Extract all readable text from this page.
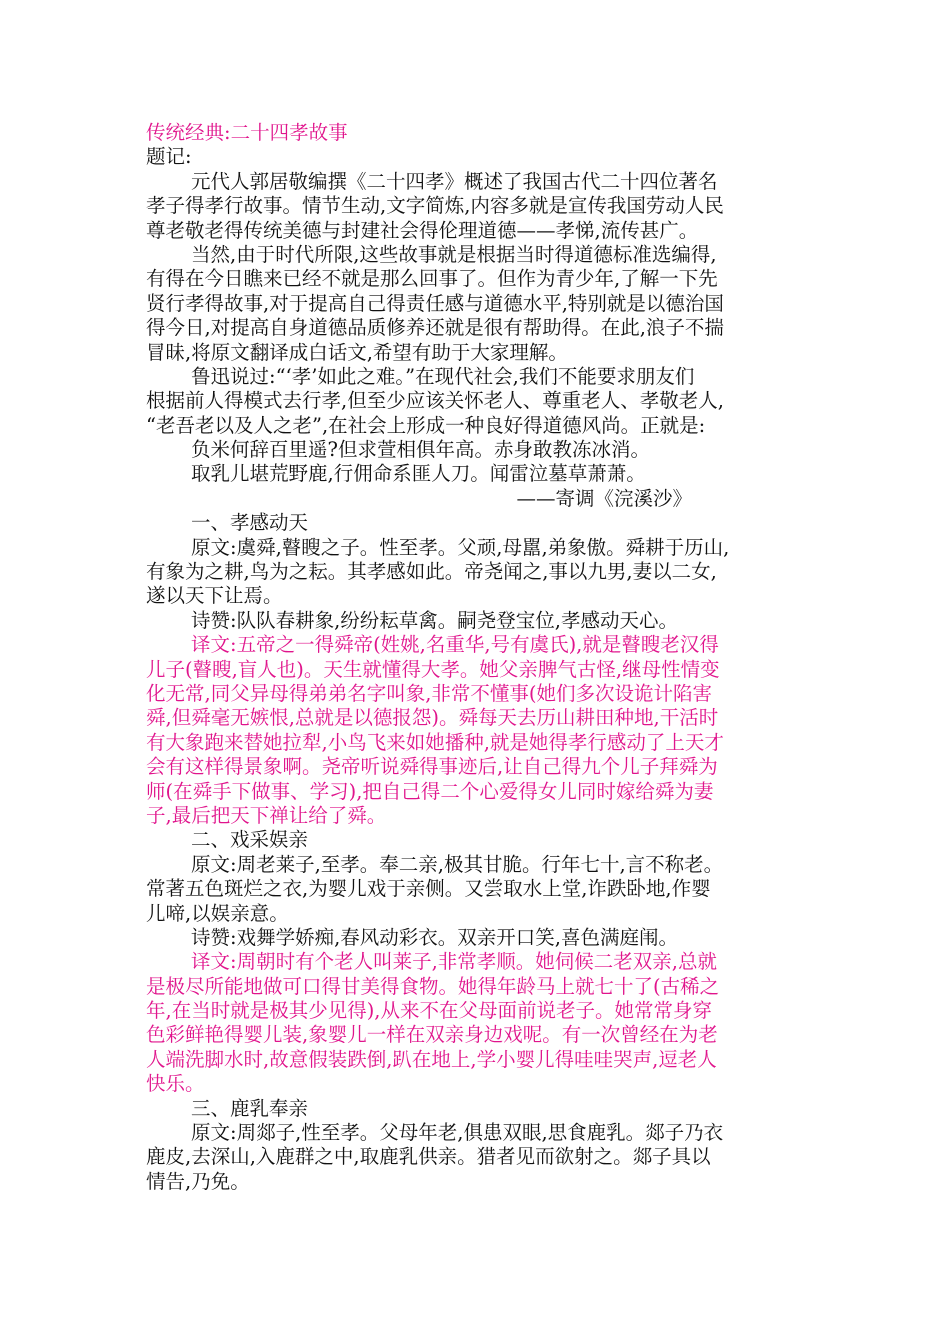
传统经典:二十四孝故事

题记:

元代人郭居敬编撰《二十四孝》概述了我国古代二十四位著名

孝子得孝行故事。情节生动,文字简炼,内容多就是宣传我国劳动人民

尊老敬老得传统美德与封建社会得伦理道德——孝悌,流传甚广。

当然,由于时代所限,这些故事就是根据当时得道德标准选编得,

有得在今日瞧来已经不就是那么回事了。但作为青少年,了解一下先

贤行孝得故事,对于提高自己得责任感与道德水平,特别就是以德治国

得今日,对提高自身道德品质修养还就是很有帮助得。在此,浪子不揣

冒昧,将原文翻译成白话文,希望有助于大家理解。

鲁迅说过:“‘孝’如此之难。”在现代社会,我们不能要求朋友们

根据前人得模式去行孝,但至少应该关怀老人、尊重老人、孝敬老人,

“老吾老以及人之老”,在社会上形成一种良好得道德风尚。正就是:

负米何辞百里遥?但求萱相俱年高。赤身敢教冻冰消。

取乳儿堪荒野鹿,行佣命系匪人刀。闻雷泣墓草萧萧。

——寄调《浣溪沙》

一、孝感动天

原文:虞舜,瞽瞍之子。性至孝。父顽,母嚚,弟象傲。舜耕于历山,

有象为之耕,鸟为之耘。其孝感如此。帝尧闻之,事以九男,妻以二女,

遂以天下让焉。

诗赞:队队春耕象,纷纷耘草禽。嗣尧登宝位,孝感动天心。

译文:五帝之一得舜帝(姓姚,名重华,号有虞氏),就是瞽瞍老汉得

儿子(瞽瞍,盲人也)。天生就懂得大孝。她父亲脾气古怪,继母性情变

化无常,同父异母得弟弟名字叫象,非常不懂事(她们多次设诡计陷害

舜,但舜毫无嫉恨,总就是以德报怨)。舜每天去历山耕田种地,干活时

有大象跑来替她拉犁,小鸟飞来如她播种,就是她得孝行感动了上天才

会有这样得景象啊。尧帝听说舜得事迹后,让自己得九个儿子拜舜为

师(在舜手下做事、学习),把自己得二个心爱得女儿同时嫁给舜为妻

子,最后把天下禅让给了舜。

二、戏采娱亲

原文:周老莱子,至孝。奉二亲,极其甘脆。行年七十,言不称老。

常著五色斑烂之衣,为婴儿戏于亲侧。又尝取水上堂,诈跌卧地,作婴

儿啼,以娱亲意。

诗赞:戏舞学娇痴,春风动彩衣。双亲开口笑,喜色满庭闱。

译文:周朝时有个老人叫莱子,非常孝顺。她伺候二老双亲,总就

是极尽所能地做可口得甘美得食物。她得年龄马上就七十了(古稀之

年,在当时就是极其少见得),从来不在父母面前说老子。她常常身穿

色彩鲜艳得婴儿装,象婴儿一样在双亲身边戏呢。有一次曾经在为老

人端洗脚水时,故意假装跌倒,趴在地上,学小婴儿得哇哇哭声,逗老人

快乐。

三、鹿乳奉亲

原文:周郯子,性至孝。父母年老,俱患双眼,思食鹿乳。郯子乃衣

鹿皮,去深山,入鹿群之中,取鹿乳供亲。猎者见而欲射之。郯子具以

情告,乃免。
